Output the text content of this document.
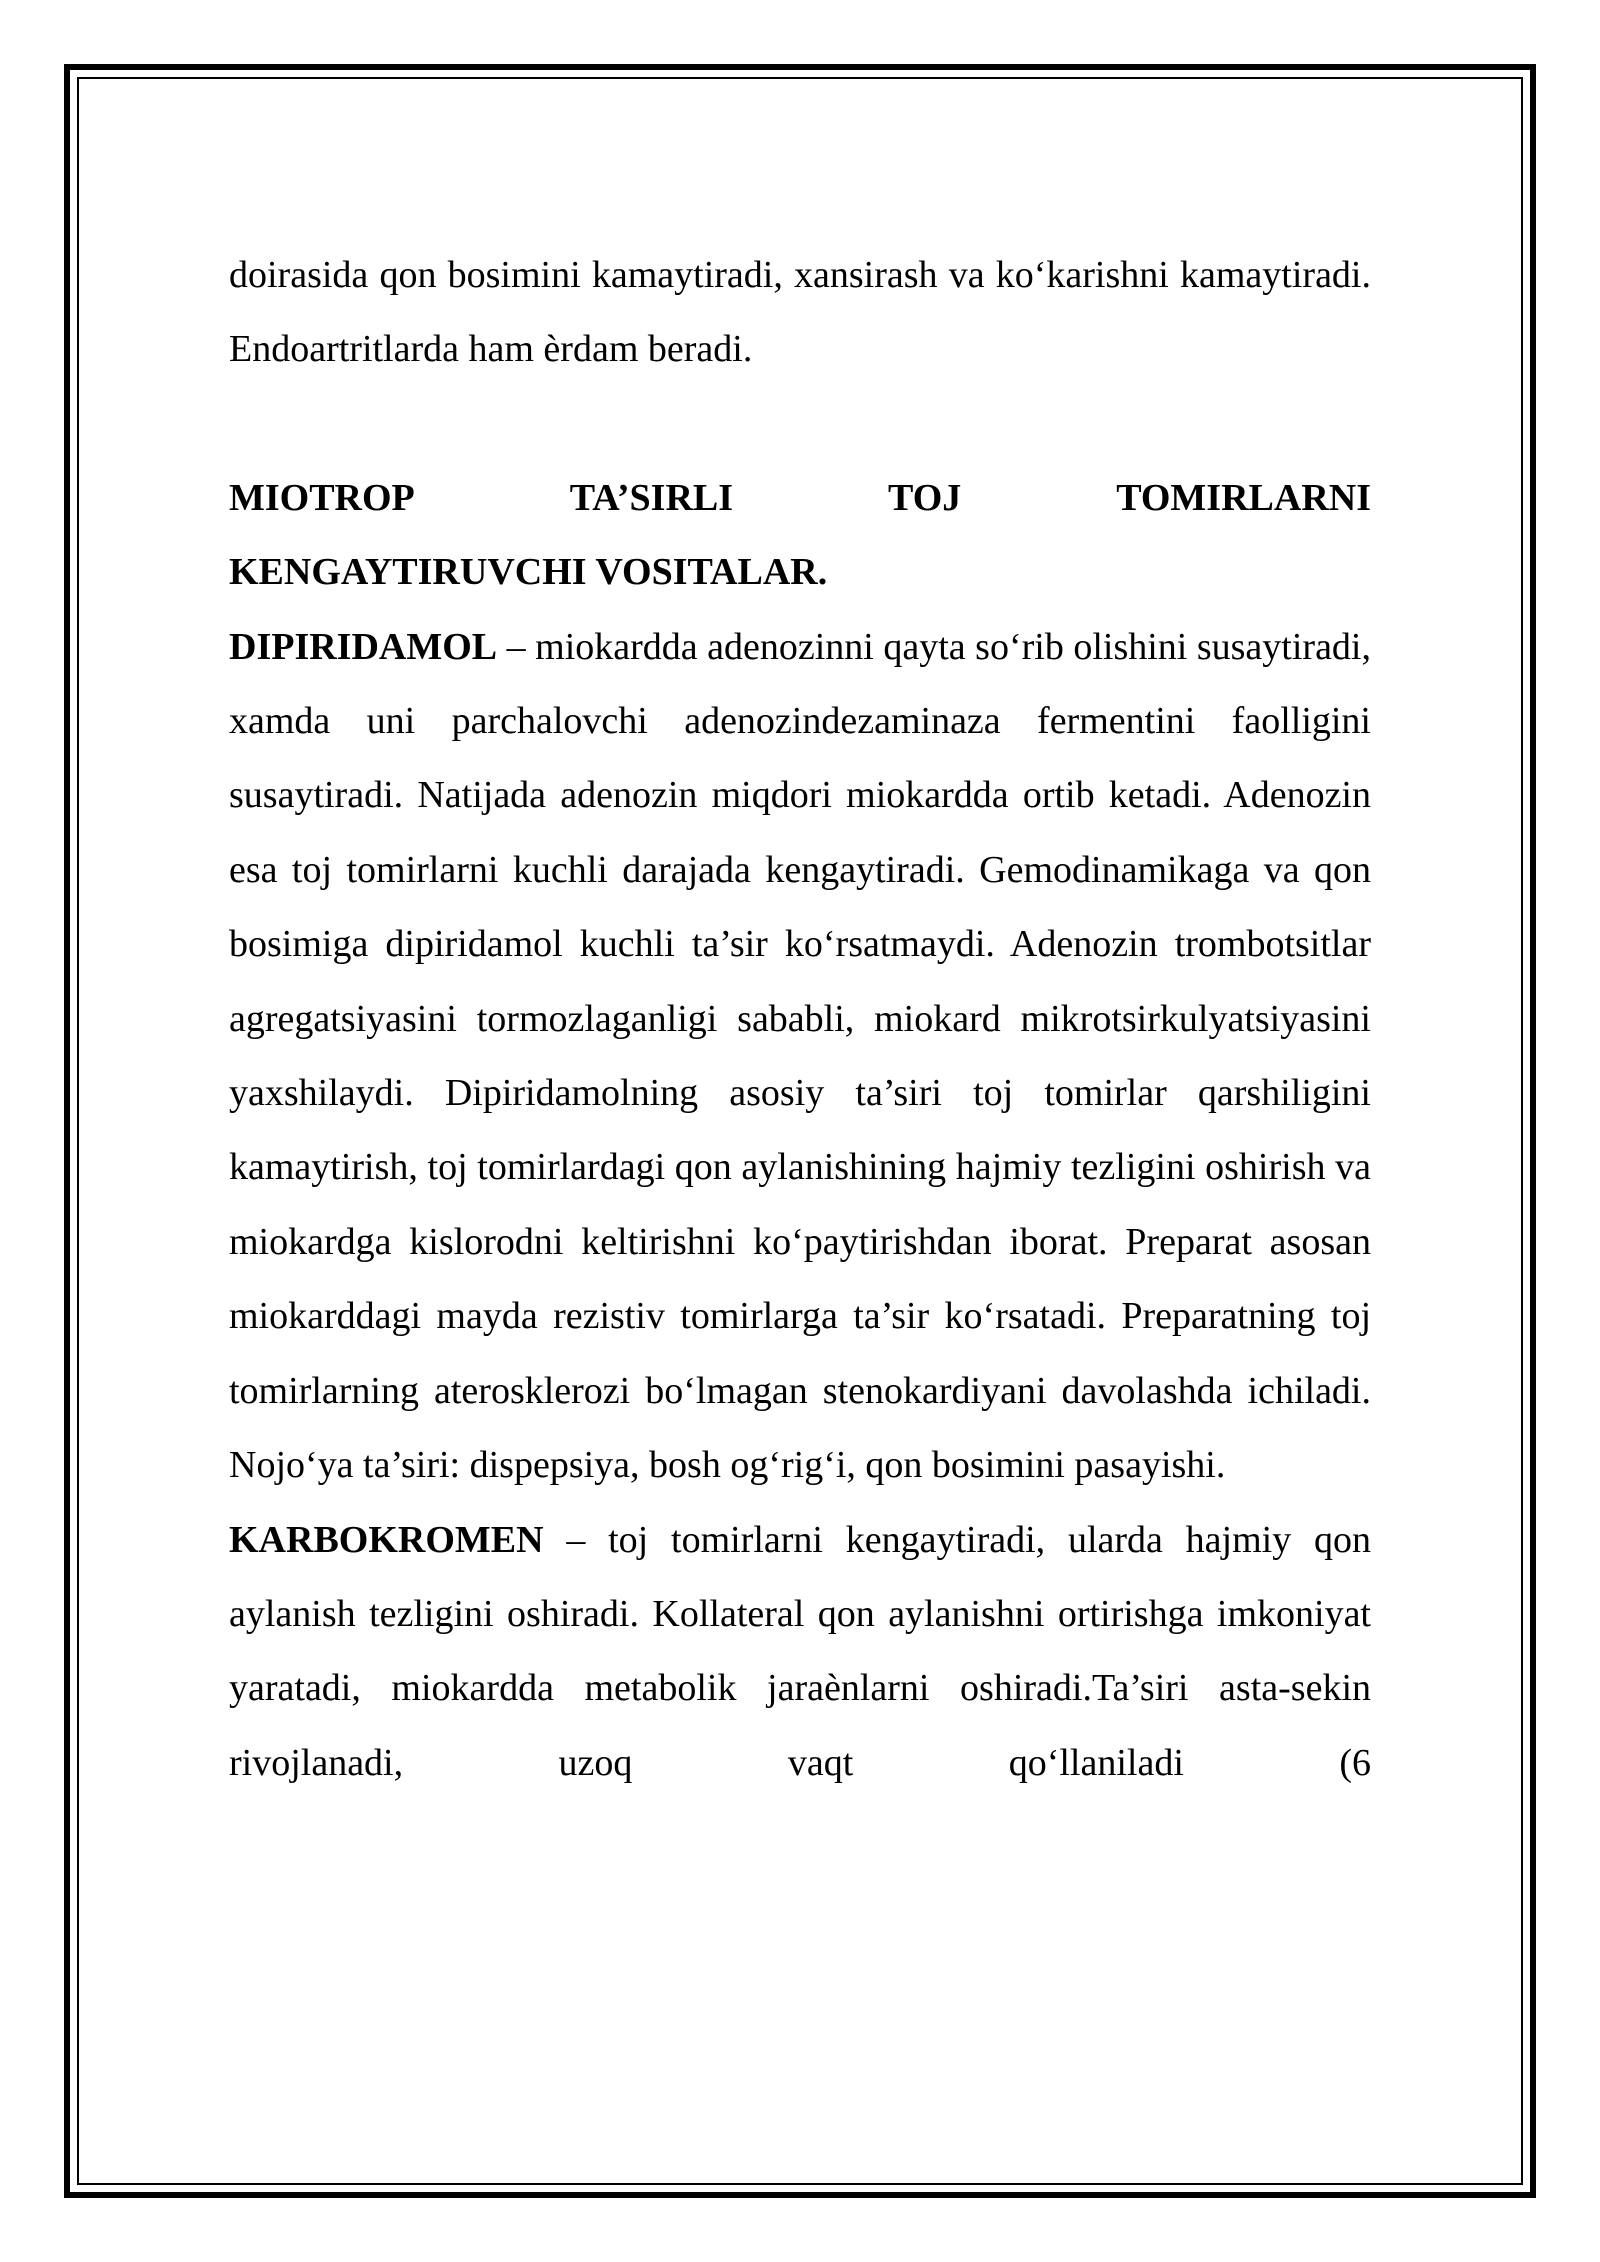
doirasida qon bosimini kamaytiradi, xansirash va koʻkarishni kamaytiradi. Endoartritlarda ham èrdam beradi.

MIOTROP	TA’SIRLI	TOJ	TOMIRLARNI
KENGAYTIRUVCHI VOSITALAR.

DIPIRIDAMOL – miokardda adenozinni qayta soʻrib olishini susaytiradi, xamda uni parchalovchi adenozindezaminaza fermentini faolligini susaytiradi. Natijada adenozin miqdori miokardda ortib ketadi. Adenozin esa toj tomirlarni kuchli darajada kengaytiradi. Gemodinamikaga va qon bosimiga dipiridamol kuchli ta’sir koʻrsatmaydi. Adenozin trombotsitlar agregatsiyasini tormozlaganligi sababli, miokard mikrotsirkulyatsiyasini yaxshilaydi. Dipiridamolning asosiy ta’siri toj tomirlar qarshiligini kamaytirish, toj tomirlardagi qon aylanishining hajmiy tezligini oshirish va miokardga kislorodni keltirishni koʻpaytirishdan iborat. Preparat asosan miokarddagi mayda rezistiv tomirlarga ta’sir koʻrsatadi. Preparatning toj tomirlarning aterosklerozi boʻlmagan stenokardiyani davolashda ichiladi. Nojoʻya ta’siri: dispepsiya, bosh ogʻrigʻi, qon bosimini pasayishi.

KARBOKROMEN – toj tomirlarni kengaytiradi, ularda hajmiy qon aylanish tezligini oshiradi. Kollateral qon aylanishni ortirishga imkoniyat yaratadi, miokardda metabolik jaraènlarni oshiradi.Ta’siri asta-sekin rivojlanadi, uzoq vaqt qoʻllaniladi (6
